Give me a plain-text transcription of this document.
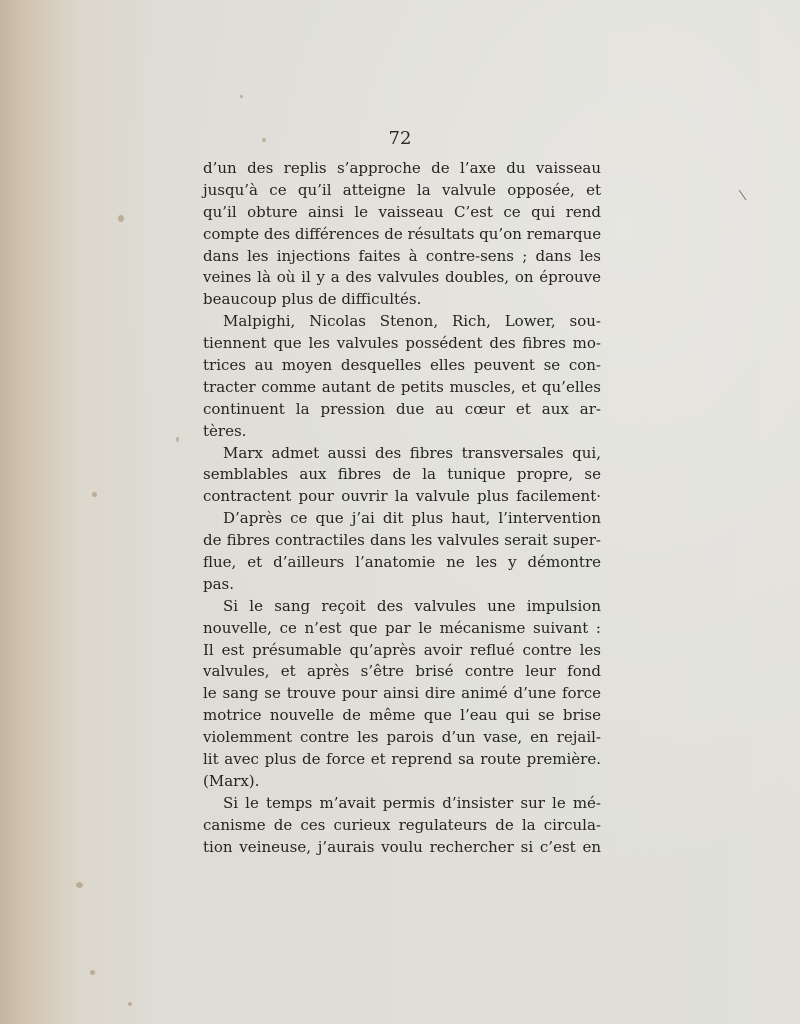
72
d’un des replis s’approche de l’axe du vaisseau
jusqu’à ce qu’il atteigne la valvule opposée, et
qu’il obture ainsi le vaisseau C’est ce qui rend
compte des différences de résultats qu’on remarque
dans les injections faites à contre-sens ; dans les
veines là où il y a des valvules doubles, on éprouve
beaucoup plus de difficultés.
Malpighi, Nicolas Stenon, Rich, Lower, sou-
tiennent que les valvules possédent des fibres mo-
trices au moyen desquelles elles peuvent se con-
tracter comme autant de petits muscles, et qu’elles
continuent la pression due au cœur et aux ar-
tères.
Marx admet aussi des fibres transversales qui,
semblables aux fibres de la tunique propre, se
contractent pour ouvrir la valvule plus facilement·
D’après ce que j’ai dit plus haut, l’intervention
de fibres contractiles dans les valvules serait super-
flue, et d’ailleurs l’anatomie ne les y démontre
pas.
Si le sang reçoit des valvules une impulsion
nouvelle, ce n’est que par le mécanisme suivant :
Il est présumable qu’après avoir reflué contre les
valvules, et après s’être brisé contre leur fond
le sang se trouve pour ainsi dire animé d’une force
motrice nouvelle de même que l’eau qui se brise
violemment contre les parois d’un vase, en rejail-
lit avec plus de force et reprend sa route première.
(Marx).
Si le temps m’avait permis d’insister sur le mé-
canisme de ces curieux regulateurs de la circula-
tion veineuse, j’aurais voulu rechercher si c’est en
